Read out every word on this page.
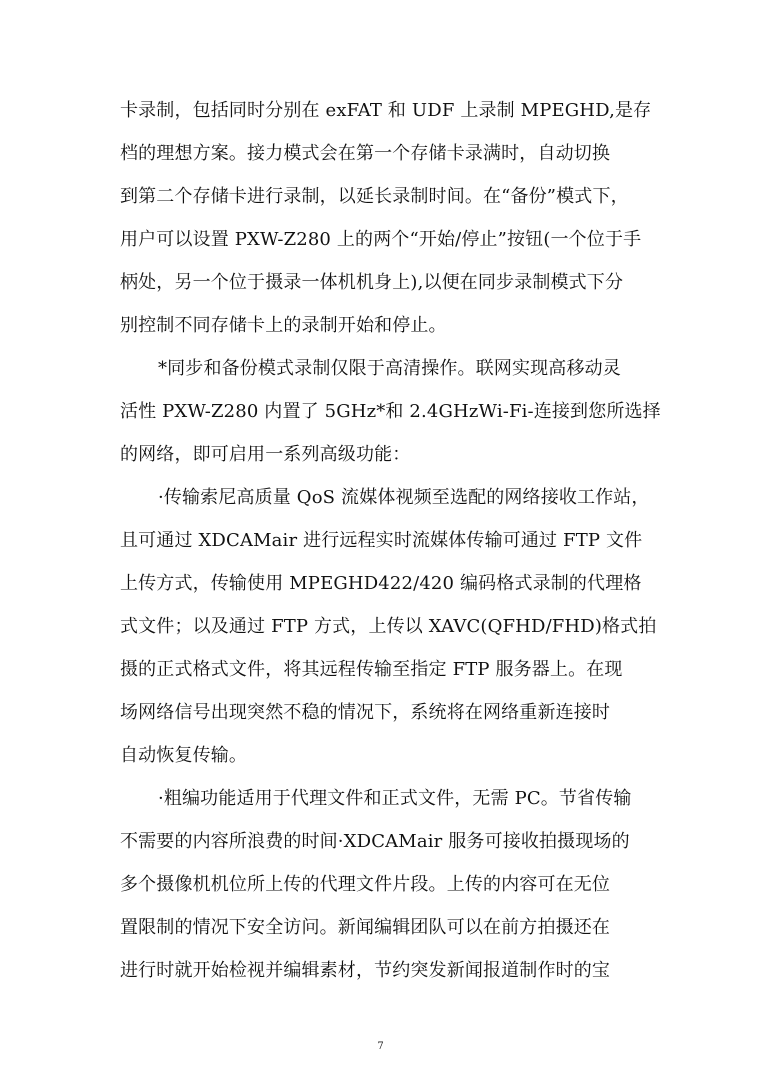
卡录制，包括同时分别在 exFAT 和 UDF 上录制 MPEGHD,是存
档的理想方案。接力模式会在第一个存储卡录满时，自动切换
到第二个存储卡进行录制，以延长录制时间。在“备份”模式下，
用户可以设置 PXW-Z280 上的两个“开始/停止”按钮(一个位于手
柄处，另一个位于摄录一体机机身上),以便在同步录制模式下分
别控制不同存储卡上的录制开始和停止。
*同步和备份模式录制仅限于高清操作。联网实现高移动灵
活性 PXW-Z280 内置了 5GHz*和 2.4GHzWi-Fi-连接到您所选择
的网络，即可启用一系列高级功能：
·传输索尼高质量 QoS 流媒体视频至选配的网络接收工作站，
且可通过 XDCAMair 进行远程实时流媒体传输可通过 FTP 文件
上传方式，传输使用 MPEGHD422/420 编码格式录制的代理格
式文件；以及通过 FTP 方式，上传以 XAVC(QFHD/FHD)格式拍
摄的正式格式文件，将其远程传输至指定 FTP 服务器上。在现
场网络信号出现突然不稳的情况下，系统将在网络重新连接时
自动恢复传输。
·粗编功能适用于代理文件和正式文件，无需 PC。节省传输
不需要的内容所浪费的时间·XDCAMair 服务可接收拍摄现场的
多个摄像机机位所上传的代理文件片段。上传的内容可在无位
置限制的情况下安全访问。新闻编辑团队可以在前方拍摄还在
进行时就开始检视并编辑素材，节约突发新闻报道制作时的宝
7
